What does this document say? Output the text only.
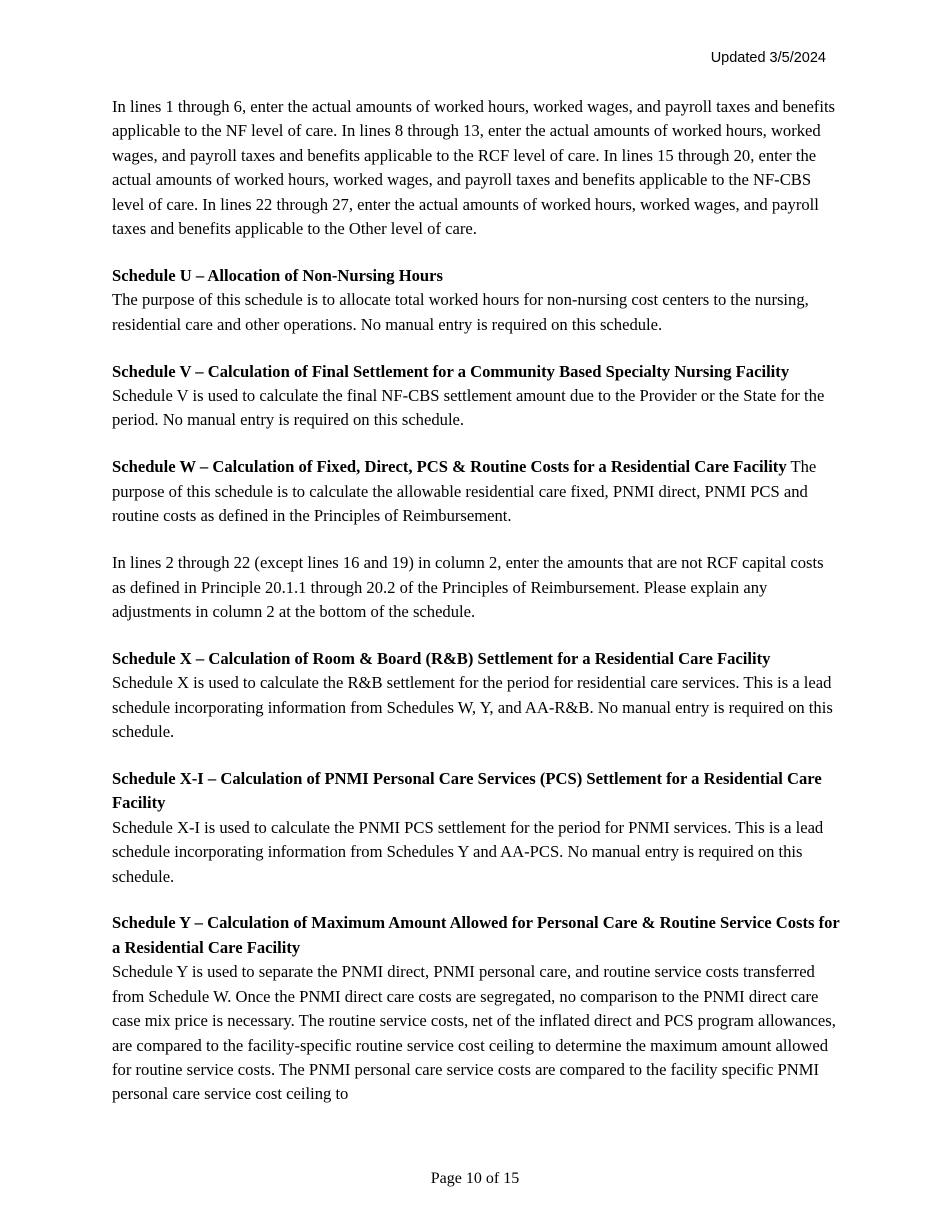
Updated 3/5/2024

In lines 1 through 6, enter the actual amounts of worked hours, worked wages, and payroll taxes and benefits applicable to the NF level of care. In lines 8 through 13, enter the actual amounts of worked hours, worked wages, and payroll taxes and benefits applicable to the RCF level of care. In lines 15 through 20, enter the actual amounts of worked hours, worked wages, and payroll taxes and benefits applicable to the NF-CBS level of care. In lines 22 through 27, enter the actual amounts of worked hours, worked wages, and payroll taxes and benefits applicable to the Other level of care.

Schedule U – Allocation of Non-Nursing Hours
The purpose of this schedule is to allocate total worked hours for non-nursing cost centers to the nursing, residential care and other operations. No manual entry is required on this schedule.

Schedule V – Calculation of Final Settlement for a Community Based Specialty Nursing Facility Schedule V is used to calculate the final NF-CBS settlement amount due to the Provider or the State for the period. No manual entry is required on this schedule.

Schedule W – Calculation of Fixed, Direct, PCS & Routine Costs for a Residential Care Facility The purpose of this schedule is to calculate the allowable residential care fixed, PNMI direct, PNMI PCS and routine costs as defined in the Principles of Reimbursement.

In lines 2 through 22 (except lines 16 and 19) in column 2, enter the amounts that are not RCF capital costs as defined in Principle 20.1.1 through 20.2 of the Principles of Reimbursement. Please explain any adjustments in column 2 at the bottom of the schedule.

Schedule X – Calculation of Room & Board (R&B) Settlement for a Residential Care Facility
Schedule X is used to calculate the R&B settlement for the period for residential care services. This is a lead schedule incorporating information from Schedules W, Y, and AA-R&B. No manual entry is required on this schedule.

Schedule X-I – Calculation of PNMI Personal Care Services (PCS) Settlement for a Residential Care Facility
Schedule X-I is used to calculate the PNMI PCS settlement for the period for PNMI services. This is a lead schedule incorporating information from Schedules Y and AA-PCS. No manual entry is required on this schedule.

Schedule Y – Calculation of Maximum Amount Allowed for Personal Care & Routine Service Costs for a Residential Care Facility
Schedule Y is used to separate the PNMI direct, PNMI personal care, and routine service costs transferred from Schedule W. Once the PNMI direct care costs are segregated, no comparison to the PNMI direct care case mix price is necessary. The routine service costs, net of the inflated direct and PCS program allowances, are compared to the facility-specific routine service cost ceiling to determine the maximum amount allowed for routine service costs. The PNMI personal care service costs are compared to the facility specific PNMI personal care service cost ceiling to

Page 10 of 15
